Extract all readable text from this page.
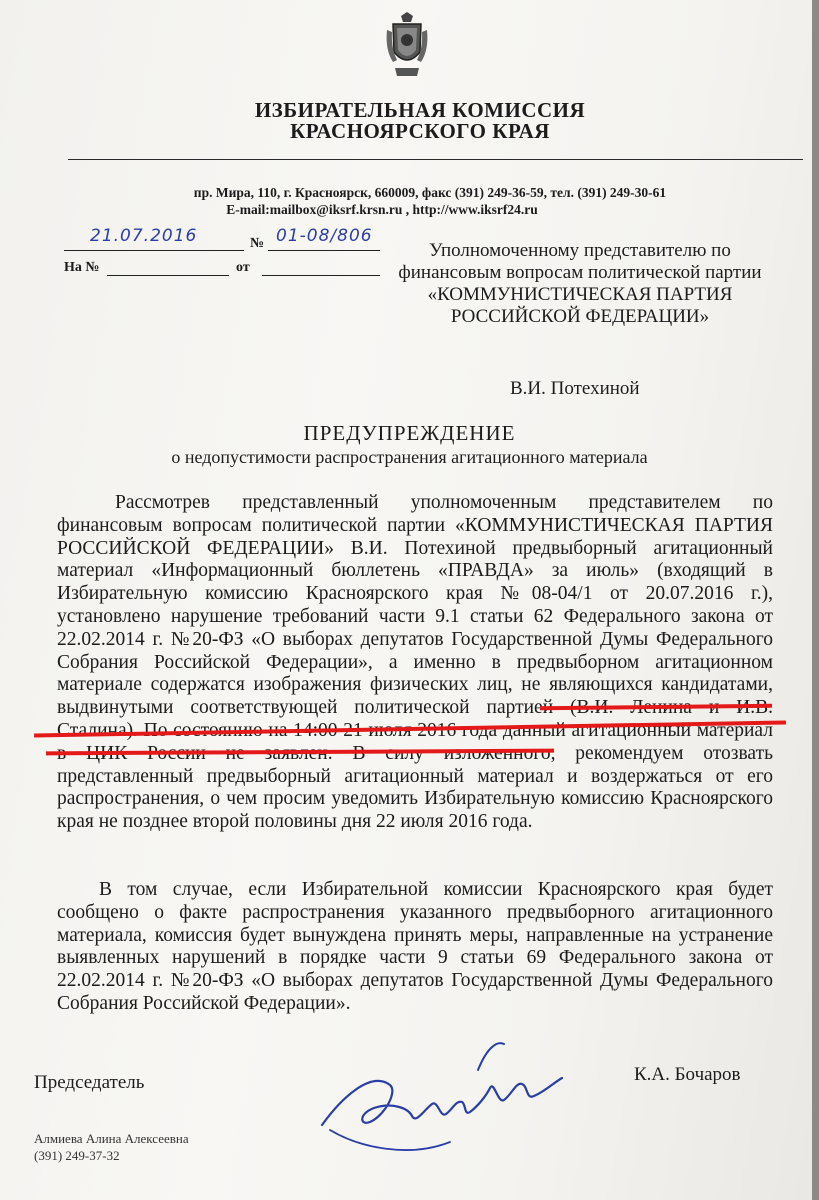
ИЗБИРАТЕЛЬНАЯ КОМИССИЯ
КРАСНОЯРСКОГО КРАЯ
пр. Мира, 110, г. Красноярск, 660009, факс (391) 249-36-59, тел. (391) 249-30-61
E-mail:mailbox@iksrf.krsn.ru , http://www.iksrf24.ru
21.07.2016	№ 01-08/806
На №	от
Уполномоченному представителю по финансовым вопросам политической партии «КОММУНИСТИЧЕСКАЯ ПАРТИЯ РОССИЙСКОЙ ФЕДЕРАЦИИ»
В.И. Потехиной
ПРЕДУПРЕЖДЕНИЕ
о недопустимости распространения агитационного материала

Рассмотрев представленный уполномоченным представителем по финансовым вопросам политической партии «КОММУНИСТИЧЕСКАЯ ПАРТИЯ РОССИЙСКОЙ ФЕДЕРАЦИИ» В.И. Потехиной предвыборный агитационный материал «Информационный бюллетень «ПРАВДА» за июль» (входящий в Избирательную комиссию Красноярского края №08-04/1 от 20.07.2016 г.), установлено нарушение требований части 9.1 статьи 62 Федерального закона от 22.02.2014 г. №20-ФЗ «О выборах депутатов Государственной Думы Федерального Собрания Российской Федерации», а именно в предвыборном агитационном материале содержатся изображения физических лиц, не являющихся кандидатами, выдвинутыми соответствующей политической партией (В.И. Ленина и И.В. Сталина). По состоянию на 14:00 21 июля 2016 года данный агитационный материал в ЦИК России не заявлен. В силу изложенного, рекомендуем отозвать представленный предвыборный агитационный материал и воздержаться от его распространения, о чем просим уведомить Избирательную комиссию Красноярского края не позднее второй половины дня 22 июля 2016 года.

В том случае, если Избирательной комиссии Красноярского края будет сообщено о факте распространения указанного предвыборного агитационного материала, комиссия будет вынуждена принять меры, направленные на устранение выявленных нарушений в порядке части 9 статьи 69 Федерального закона от 22.02.2014 г. №20-ФЗ «О выборах депутатов Государственной Думы Федерального Собрания Российской Федерации».

Председатель	К.А. Бочаров
Алмиева Алина Алексеевна
(391) 249-37-32
